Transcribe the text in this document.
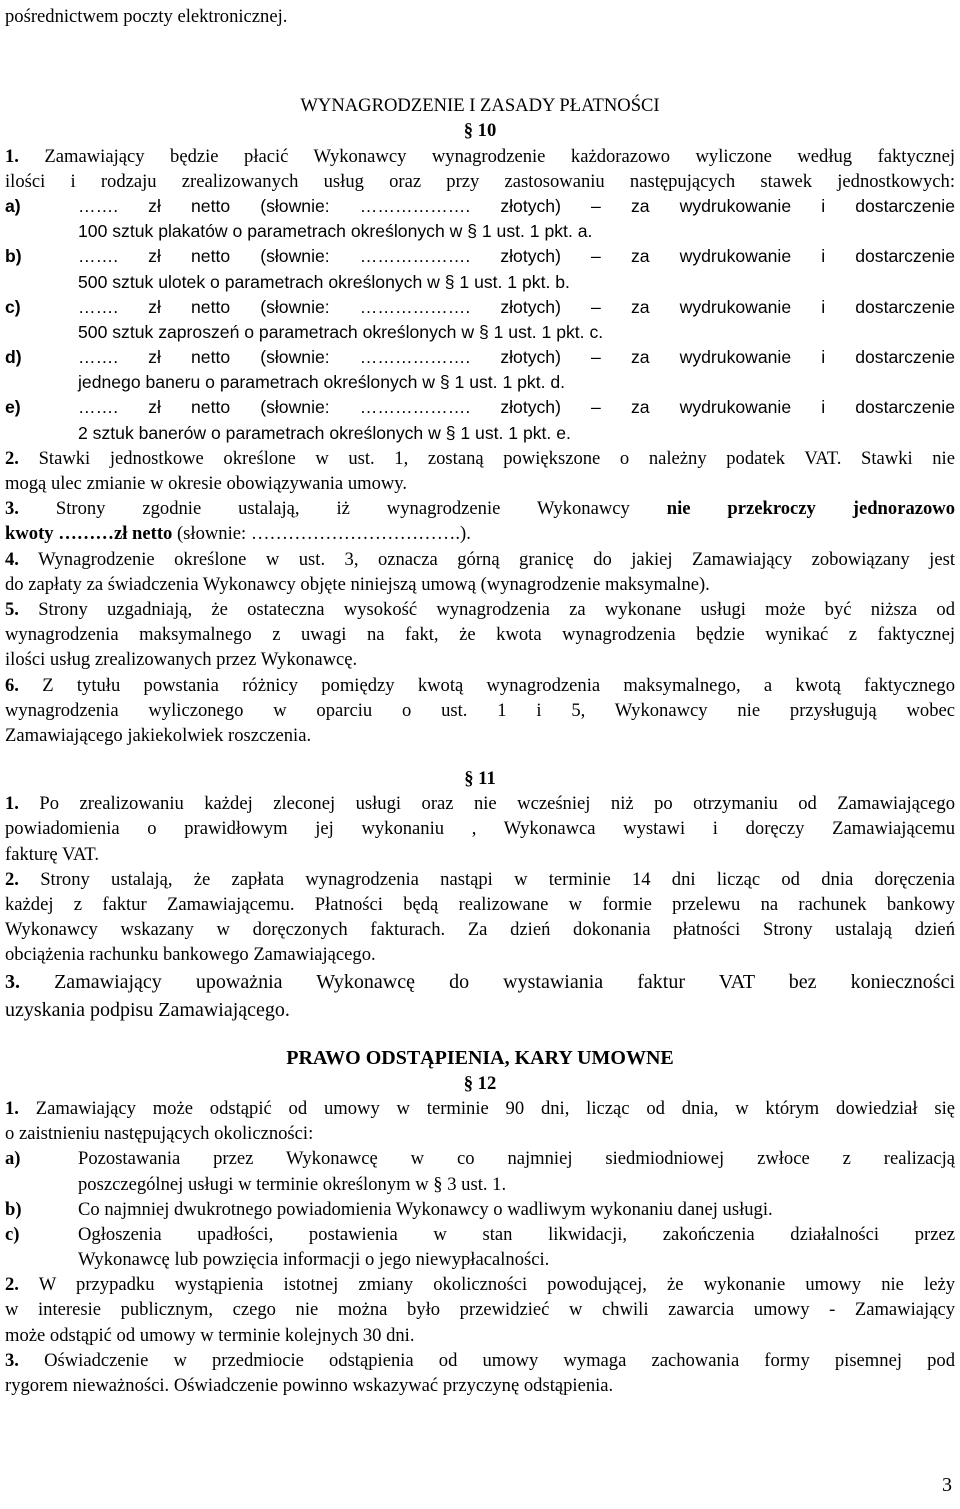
pośrednictwem poczty elektronicznej.
WYNAGRODZENIE I ZASADY PŁATNOŚCI
§ 10
1. Zamawiający będzie płacić Wykonawcy wynagrodzenie każdorazowo wyliczone według faktycznej
ilości i rodzaju zrealizowanych usług oraz przy zastosowaniu następujących stawek jednostkowych:
a)	……. zł netto (słownie: ………………. złotych) – za wydrukowanie i dostarczenie
100 sztuk plakatów o parametrach określonych w § 1 ust. 1 pkt. a.
b)	……. zł netto (słownie: ………………. złotych) – za wydrukowanie i dostarczenie
500 sztuk ulotek o parametrach określonych w § 1 ust. 1 pkt. b.
c)	……. zł netto (słownie: ………………. złotych) – za wydrukowanie i dostarczenie
500 sztuk zaproszeń o parametrach określonych w § 1 ust. 1 pkt. c.
d)	……. zł netto (słownie: ………………. złotych) – za wydrukowanie i dostarczenie
jednego baneru o parametrach określonych w § 1 ust. 1 pkt. d.
e)	……. zł netto (słownie: ………………. złotych) – za wydrukowanie i dostarczenie
2 sztuk banerów o parametrach określonych w § 1 ust. 1 pkt. e.
2. Stawki jednostkowe określone w ust. 1, zostaną powiększone o należny podatek VAT. Stawki nie
mogą ulec zmianie w okresie obowiązywania umowy.
3. Strony zgodnie ustalają, iż wynagrodzenie Wykonawcy nie przekroczy jednorazowo
kwoty ………zł netto (słownie: …………………………….).
4. Wynagrodzenie określone w ust. 3, oznacza górną granicę do jakiej Zamawiający zobowiązany jest
do zapłaty za świadczenia Wykonawcy objęte niniejszą umową (wynagrodzenie maksymalne).
5. Strony uzgadniają, że ostateczna wysokość wynagrodzenia za wykonane usługi może być niższa od
wynagrodzenia maksymalnego z uwagi na fakt, że kwota wynagrodzenia będzie wynikać z faktycznej
ilości usług zrealizowanych przez Wykonawcę.
6. Z tytułu powstania różnicy pomiędzy kwotą wynagrodzenia maksymalnego, a kwotą faktycznego
wynagrodzenia wyliczonego w oparciu o ust. 1 i 5, Wykonawcy nie przysługują wobec
Zamawiającego jakiekolwiek roszczenia.
§ 11
1. Po zrealizowaniu każdej zleconej usługi oraz nie wcześniej niż po otrzymaniu od Zamawiającego
powiadomienia o prawidłowym jej wykonaniu , Wykonawca wystawi i doręczy Zamawiającemu
fakturę VAT.
2. Strony ustalają, że zapłata wynagrodzenia nastąpi w terminie 14 dni licząc od dnia doręczenia
każdej z faktur Zamawiającemu. Płatności będą realizowane w formie przelewu na rachunek bankowy
Wykonawcy wskazany w doręczonych fakturach. Za dzień dokonania płatności Strony ustalają dzień
obciążenia rachunku bankowego Zamawiającego.
3. Zamawiający upoważnia Wykonawcę do wystawiania faktur VAT bez konieczności
uzyskania podpisu Zamawiającego.
PRAWO ODSTĄPIENIA, KARY UMOWNE
§ 12
1. Zamawiający może odstąpić od umowy w terminie 90 dni, licząc od dnia, w którym dowiedział się
o zaistnieniu następujących okoliczności:
a)	Pozostawania przez Wykonawcę w co najmniej siedmiodniowej zwłoce z realizacją
poszczególnej usługi w terminie określonym w § 3 ust. 1.
b)	Co najmniej dwukrotnego powiadomienia Wykonawcy o wadliwym wykonaniu danej usługi.
c)	Ogłoszenia upadłości, postawienia w stan likwidacji, zakończenia działalności przez
Wykonawcę lub powzięcia informacji o jego niewypłacalności.
2. W przypadku wystąpienia istotnej zmiany okoliczności powodującej, że wykonanie umowy nie leży
w interesie publicznym, czego nie można było przewidzieć w chwili zawarcia umowy - Zamawiający
może odstąpić od umowy w terminie kolejnych 30 dni.
3. Oświadczenie w przedmiocie odstąpienia od umowy wymaga zachowania formy pisemnej pod
rygorem nieważności. Oświadczenie powinno wskazywać przyczynę odstąpienia.
3
